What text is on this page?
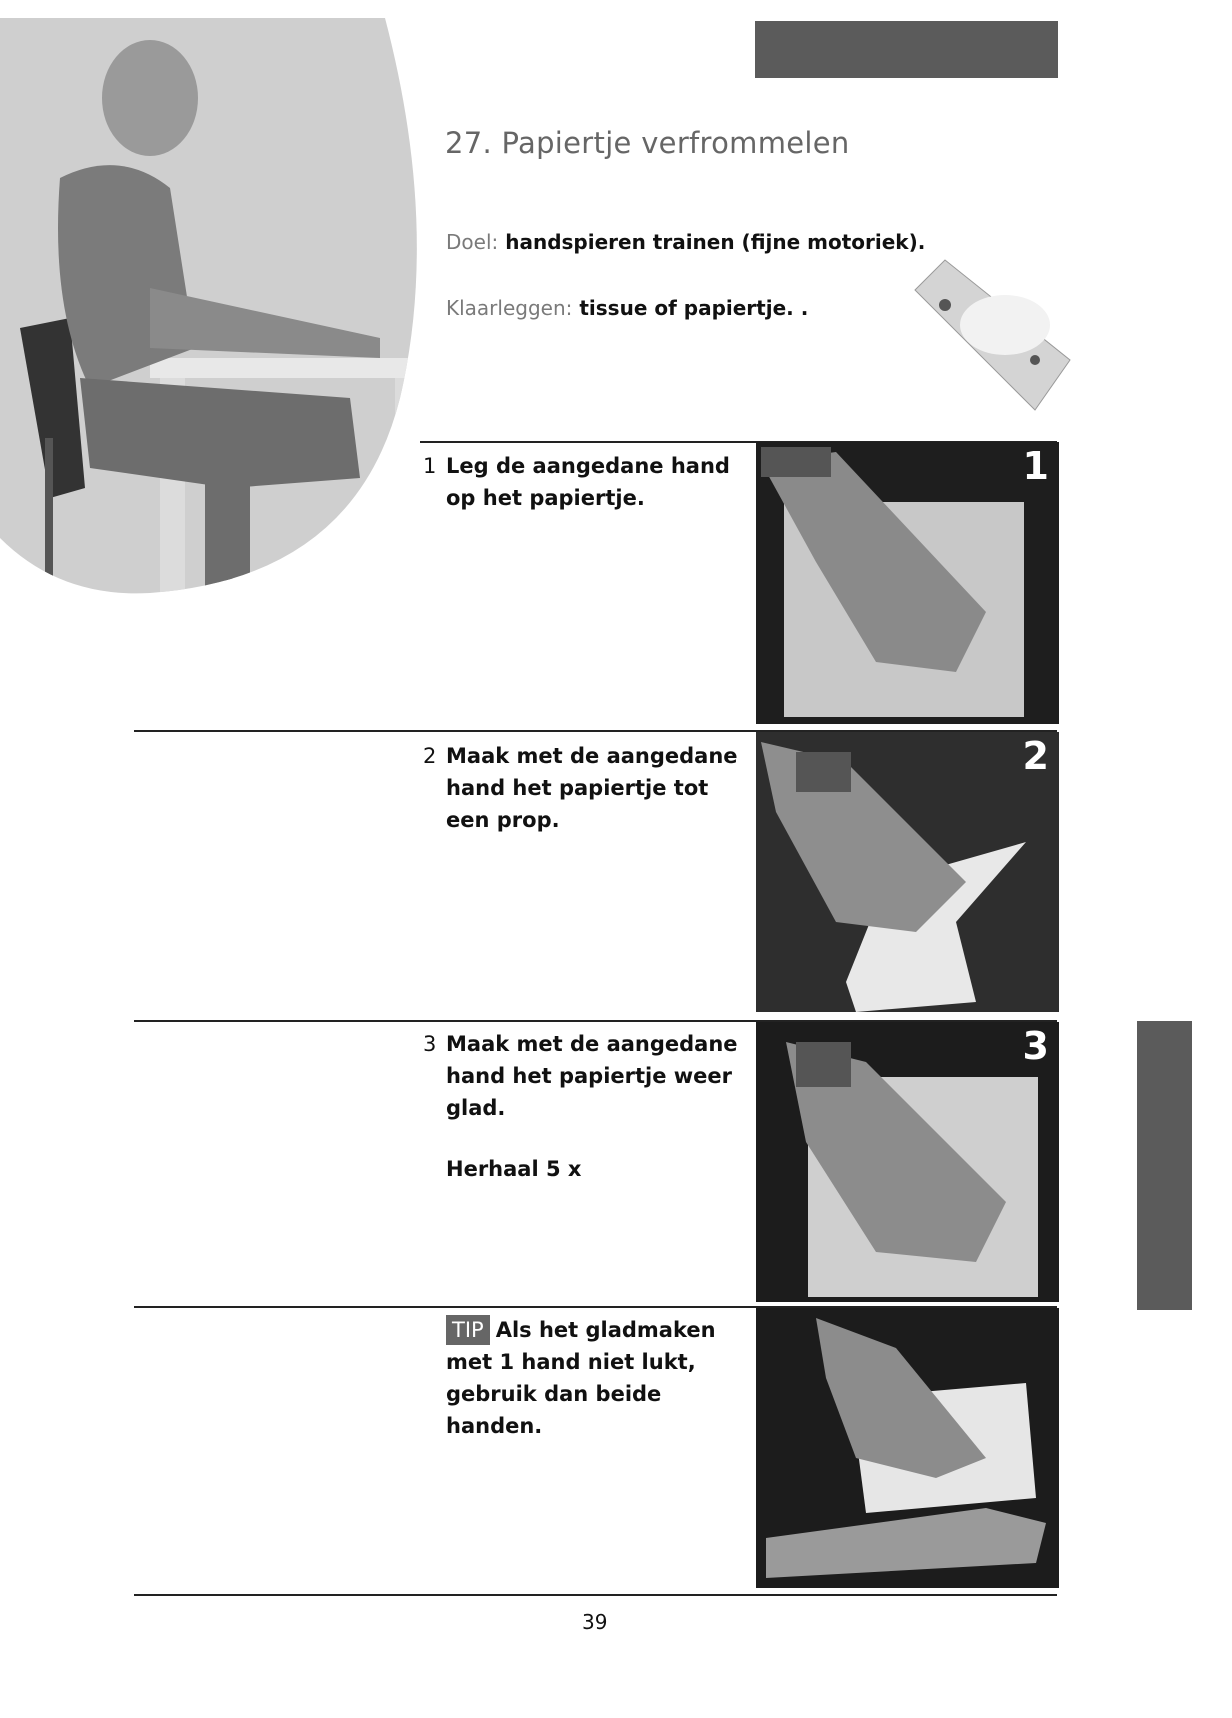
27. Papiertje verfrommelen
Doel: handspieren trainen (fijne motoriek).
Klaarleggen: tissue of papiertje. .
1 Leg de aangedane hand op het papiertje.
2 Maak met de aangedane hand het papiertje tot een prop.
3 Maak met de aangedane hand het papiertje weer glad.
Herhaal 5 x
TIP Als het gladmaken met 1 hand niet lukt, gebruik dan beide handen.
1
2
3
39
